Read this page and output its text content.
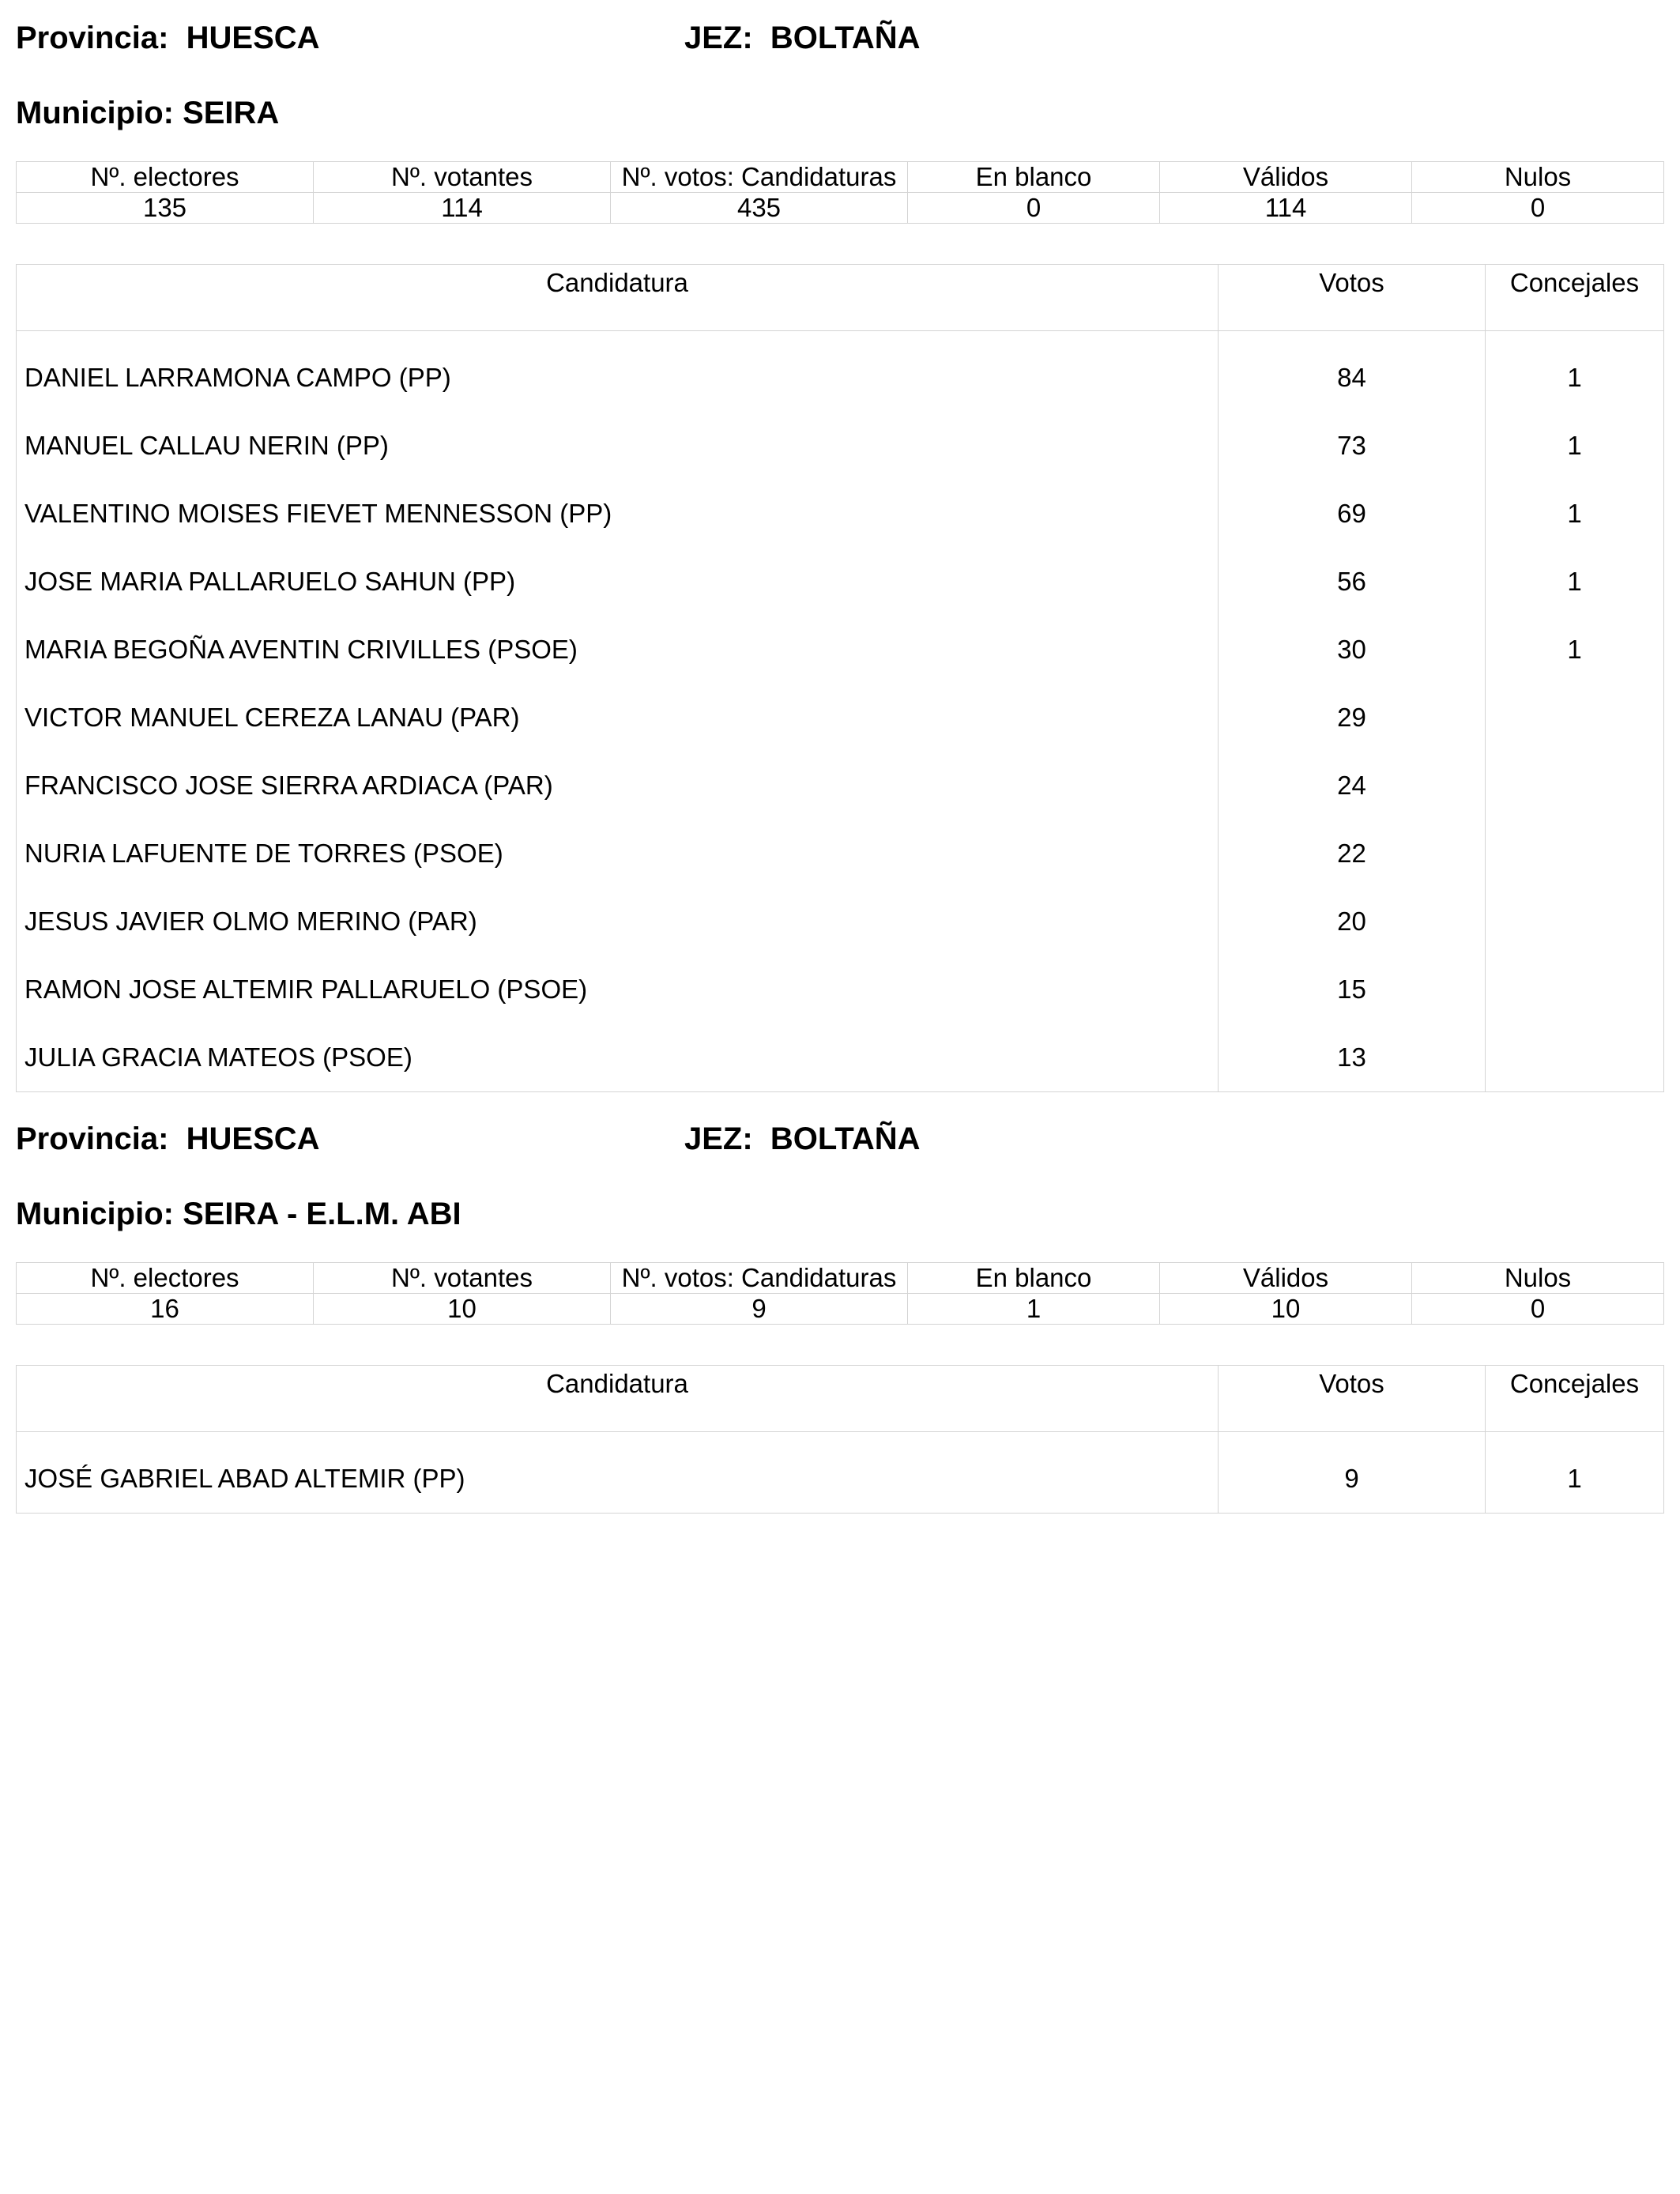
Provincia:  HUESCA	JEZ:  BOLTAÑA
Municipio: SEIRA
Nº. electores	Nº. votantes	Nº. votos: Candidaturas	En blanco	Válidos	Nulos
135	114	435	0	114	0
Candidatura	Votos	Concejales

DANIEL LARRAMONA CAMPO (PP)	84	1
MANUEL CALLAU NERIN (PP)	73	1
VALENTINO MOISES FIEVET MENNESSON (PP)	69	1
JOSE MARIA PALLARUELO SAHUN (PP)	56	1
MARIA BEGOÑA AVENTIN CRIVILLES (PSOE)	30	1
VICTOR MANUEL CEREZA LANAU (PAR)	29	
FRANCISCO JOSE SIERRA ARDIACA (PAR)	24	
NURIA LAFUENTE DE TORRES (PSOE)	22	
JESUS JAVIER OLMO MERINO (PAR)	20	
RAMON JOSE ALTEMIR PALLARUELO (PSOE)	15	
JULIA GRACIA MATEOS (PSOE)	13	
Provincia:  HUESCA	JEZ:  BOLTAÑA
Municipio: SEIRA - E.L.M. ABI
Nº. electores	Nº. votantes	Nº. votos: Candidaturas	En blanco	Válidos	Nulos
16	10	9	1	10	0
Candidatura	Votos	Concejales

JOSÉ GABRIEL ABAD ALTEMIR (PP)	9	1
